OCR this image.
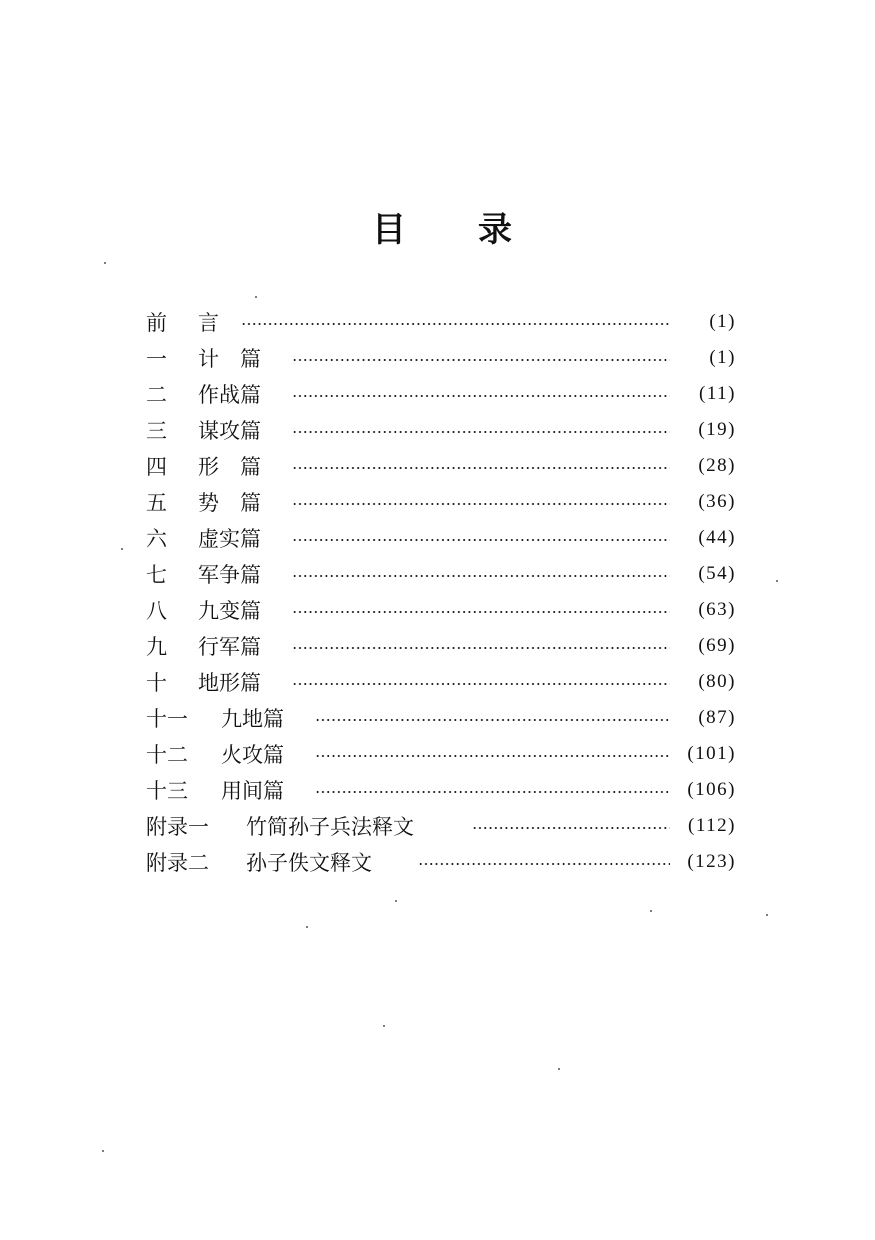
目 录
前	言	(1)
一	计　篇	(1)
二	作战篇	(11)
三	谋攻篇	(19)
四	形　篇	(28)
五	势　篇	(36)
六	虚实篇	(44)
七	军争篇	(54)
八	九变篇	(63)
九	行军篇	(69)
十	地形篇	(80)
十一	九地篇	(87)
十二	火攻篇	(101)
十三	用间篇	(106)
附录一	竹简孙子兵法释文	(112)
附录二	孙子佚文释文	(123)
